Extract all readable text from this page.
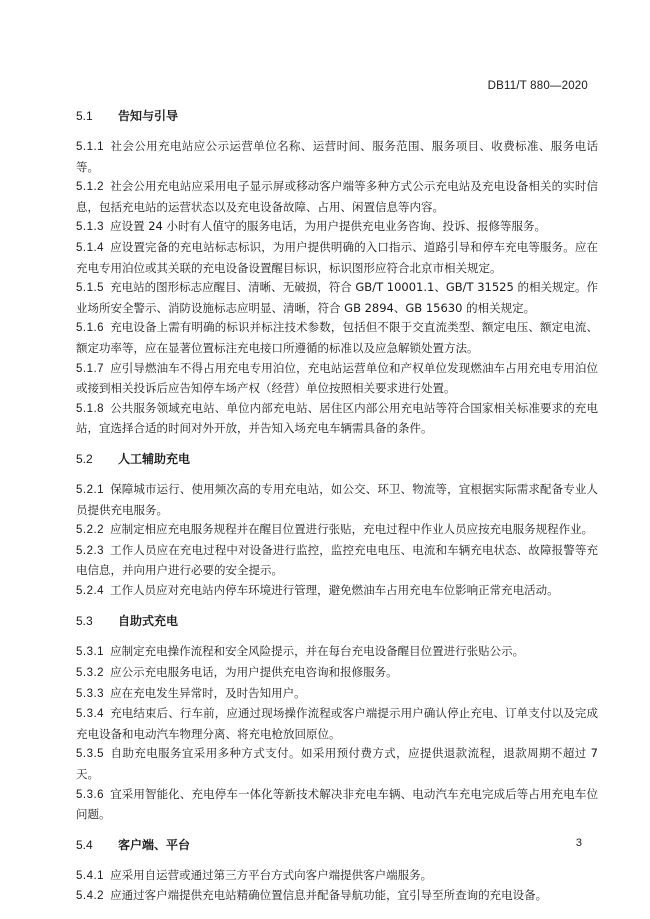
DB11/T 880—2020
5.1 告知与引导

5.1.1 社会公用充电站应公示运营单位名称、运营时间、服务范围、服务项目、收费标准、服务电话等。

5.1.2 社会公用充电站应采用电子显示屏或移动客户端等多种方式公示充电站及充电设备相关的实时信息，包括充电站的运营状态以及充电设备故障、占用、闲置信息等内容。

5.1.3 应设置 24 小时有人值守的服务电话，为用户提供充电业务咨询、投诉、报修等服务。

5.1.4 应设置完备的充电站标志标识，为用户提供明确的入口指示、道路引导和停车充电等服务。应在充电专用泊位或其关联的充电设备设置醒目标识，标识图形应符合北京市相关规定。

5.1.5 充电站的图形标志应醒目、清晰、无破损，符合 GB/T 10001.1、GB/T 31525 的相关规定。作业场所安全警示、消防设施标志应明显、清晰，符合 GB 2894、GB 15630 的相关规定。

5.1.6 充电设备上需有明确的标识并标注技术参数，包括但不限于交直流类型、额定电压、额定电流、额定功率等，应在显著位置标注充电接口所遵循的标准以及应急解锁处置方法。

5.1.7 应引导燃油车不得占用充电专用泊位，充电站运营单位和产权单位发现燃油车占用充电专用泊位或接到相关投诉后应告知停车场产权（经营）单位按照相关要求进行处置。

5.1.8 公共服务领域充电站、单位内部充电站、居住区内部公用充电站等符合国家相关标准要求的充电站，宜选择合适的时间对外开放，并告知入场充电车辆需具备的条件。

5.2 人工辅助充电

5.2.1 保障城市运行、使用频次高的专用充电站，如公交、环卫、物流等，宜根据实际需求配备专业人员提供充电服务。

5.2.2 应制定相应充电服务规程并在醒目位置进行张贴，充电过程中作业人员应按充电服务规程作业。

5.2.3 工作人员应在充电过程中对设备进行监控，监控充电电压、电流和车辆充电状态、故障报警等充电信息，并向用户进行必要的安全提示。

5.2.4 工作人员应对充电站内停车环境进行管理，避免燃油车占用充电车位影响正常充电活动。

5.3 自助式充电

5.3.1 应制定充电操作流程和安全风险提示，并在每台充电设备醒目位置进行张贴公示。

5.3.2 应公示充电服务电话，为用户提供充电咨询和报修服务。

5.3.3 应在充电发生异常时，及时告知用户。

5.3.4 充电结束后、行车前，应通过现场操作流程或客户端提示用户确认停止充电、订单支付以及完成充电设备和电动汽车物理分离、将充电枪放回原位。

5.3.5 自助充电服务宜采用多种方式支付。如采用预付费方式，应提供退款流程，退款周期不超过 7 天。

5.3.6 宜采用智能化、充电停车一体化等新技术解决非充电车辆、电动汽车充电完成后等占用充电车位问题。

5.4 客户端、平台

5.4.1 应采用自运营或通过第三方平台方式向客户端提供客户端服务。

5.4.2 应通过客户端提供充电站精确位置信息并配备导航功能，宜引导至所查询的充电设备。

3
